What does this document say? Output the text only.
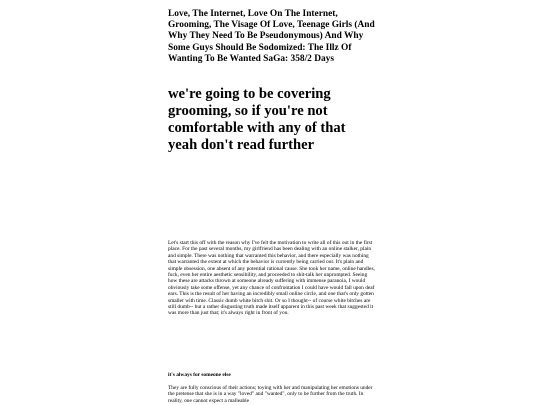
Love, The Internet, Love On The Internet, Grooming, The Visage Of Love, Teenage Girls (And Why They Need To Be Pseudonymous) And Why Some Guys Should Be Sodomized: The Illz Of Wanting To Be Wanted SaGa: 358/2 Days
we're going to be covering grooming, so if you're not comfortable with any of that yeah don't read further

Let's start this off with the reason why I've felt the motivation to write all of this out in the first place. For the past several months, my girlfriend has been dealing with an online stalker, plain and simple. There was nothing that warranted this behavior, and there especially was nothing that warranted the extent at which the behavior is currently being carried out. It's plain and simple obsession, one absent of any potential rational cause. She took her name, online handles, fuck, even her entire aesthetic sensibility, and proceeded to shit-talk her unprompted. Seeing how these are attacks thrown at someone already suffering with immense paranoia, I would obviously take some offense, yet any chance of confrontation I could have would fall upon deaf ears. This is the result of her having an incredibly small online circle, and one that's only gotten smaller with time. Classic dumb white bitch shit. Or so I thought-- of course white bitches are still dumb-- but a rather disgusting truth made itself apparent in this past week that suggested it was more than just that; it's always right in front of you.

it's always for someone else

They are fully conscious of their actions; toying with her and manipulating her emotions under the pretense that she is in a way "loved" and "wanted", only to be further from the truth. In reality, one cannot expect a malleable
